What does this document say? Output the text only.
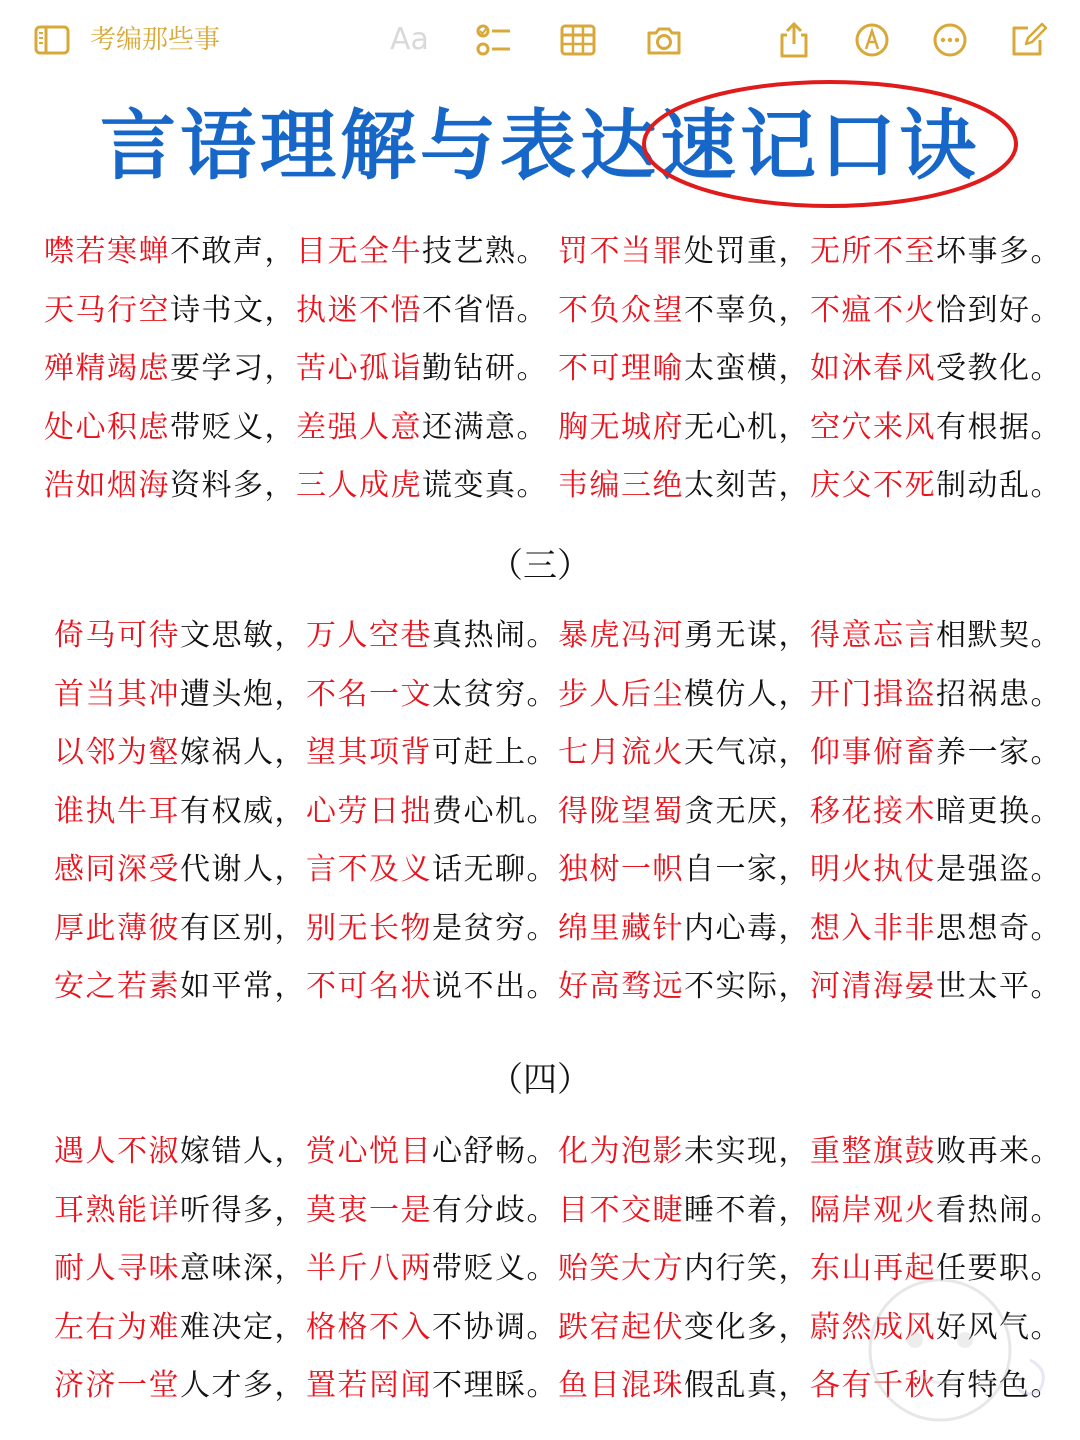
考编那些事	Aa
言语理解与表达速记口诀
噤若寒蝉不敢声，目无全牛技艺熟。 罚不当罪处罚重，无所不至坏事多。
天马行空诗书文，执迷不悟不省悟。 不负众望不辜负，不瘟不火恰到好。
殚精竭虑要学习，苦心孤诣勤钻研。 不可理喻太蛮横，如沐春风受教化。
处心积虑带贬义，差强人意还满意。 胸无城府无心机，空穴来风有根据。
浩如烟海资料多，三人成虎谎变真。 韦编三绝太刻苦，庆父不死制动乱。
（三）
倚马可待文思敏，万人空巷真热闹。 暴虎冯河勇无谋，得意忘言相默契。
首当其冲遭头炮，不名一文太贫穷。 步人后尘模仿人，开门揖盗招祸患。
以邻为壑嫁祸人，望其项背可赶上。 七月流火天气凉，仰事俯畜养一家。
谁执牛耳有权威，心劳日拙费心机。 得陇望蜀贪无厌，移花接木暗更换。
感同深受代谢人，言不及义话无聊。 独树一帜自一家，明火执仗是强盗。
厚此薄彼有区别，别无长物是贫穷。 绵里藏针内心毒，想入非非思想奇。
安之若素如平常，不可名状说不出。 好高骛远不实际，河清海晏世太平。
（四）
遇人不淑嫁错人，赏心悦目心舒畅。 化为泡影未实现，重整旗鼓败再来。
耳熟能详听得多，莫衷一是有分歧。 目不交睫睡不着，隔岸观火看热闹。
耐人寻味意味深，半斤八两带贬义。 贻笑大方内行笑，东山再起任要职。
左右为难难决定，格格不入不协调。 跌宕起伏变化多，蔚然成风好风气。
济济一堂人才多，置若罔闻不理睬。 鱼目混珠假乱真，各有千秋有特色。
